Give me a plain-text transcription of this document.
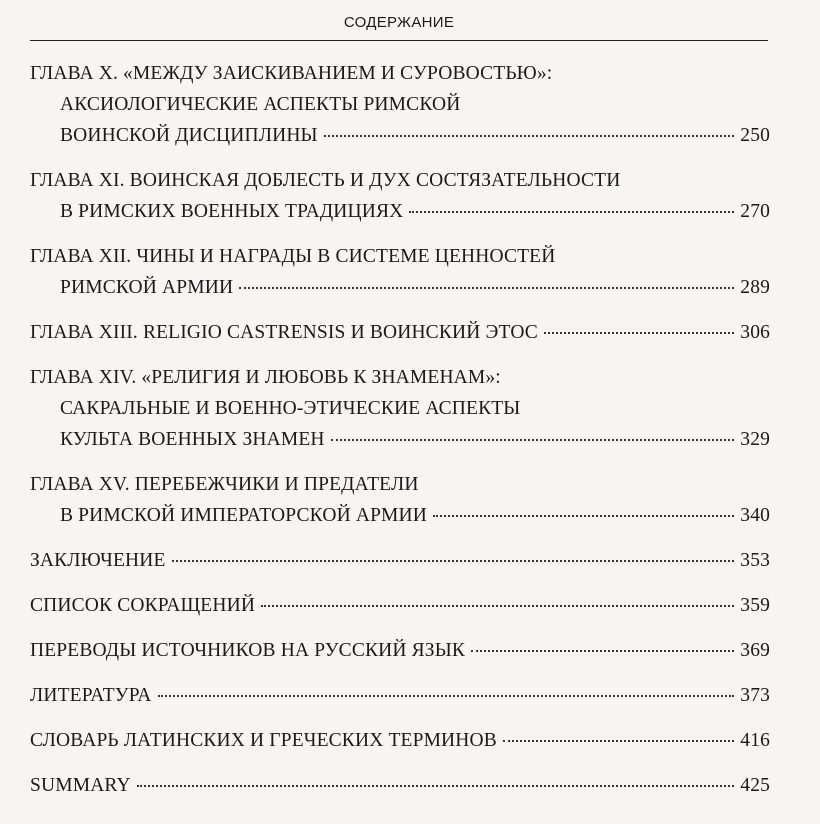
СОДЕРЖАНИЕ
ГЛАВА X. «МЕЖДУ ЗАИСКИВАНИЕМ И СУРОВОСТЬЮ»:
АКСИОЛОГИЧЕСКИЕ АСПЕКТЫ РИМСКОЙ
ВОИНСКОЙ ДИСЦИПЛИНЫ	250
ГЛАВА XI. ВОИНСКАЯ ДОБЛЕСТЬ И ДУХ СОСТЯЗАТЕЛЬНОСТИ
В РИМСКИХ ВОЕННЫХ ТРАДИЦИЯХ	270
ГЛАВА XII. ЧИНЫ И НАГРАДЫ В СИСТЕМЕ ЦЕННОСТЕЙ
РИМСКОЙ АРМИИ	289
ГЛАВА XIII. RELIGIO CASTRENSIS И ВОИНСКИЙ ЭТОС	306
ГЛАВА XIV. «РЕЛИГИЯ И ЛЮБОВЬ К ЗНАМЕНАМ»:
САКРАЛЬНЫЕ И ВОЕННО-ЭТИЧЕСКИЕ АСПЕКТЫ
КУЛЬТА ВОЕННЫХ ЗНАМЕН	329
ГЛАВА XV. ПЕРЕБЕЖЧИКИ И ПРЕДАТЕЛИ
В РИМСКОЙ ИМПЕРАТОРСКОЙ АРМИИ	340
ЗАКЛЮЧЕНИЕ	353
СПИСОК СОКРАЩЕНИЙ	359
ПЕРЕВОДЫ ИСТОЧНИКОВ НА РУССКИЙ ЯЗЫК	369
ЛИТЕРАТУРА	373
СЛОВАРЬ ЛАТИНСКИХ И ГРЕЧЕСКИХ ТЕРМИНОВ	416
SUMMARY	425
